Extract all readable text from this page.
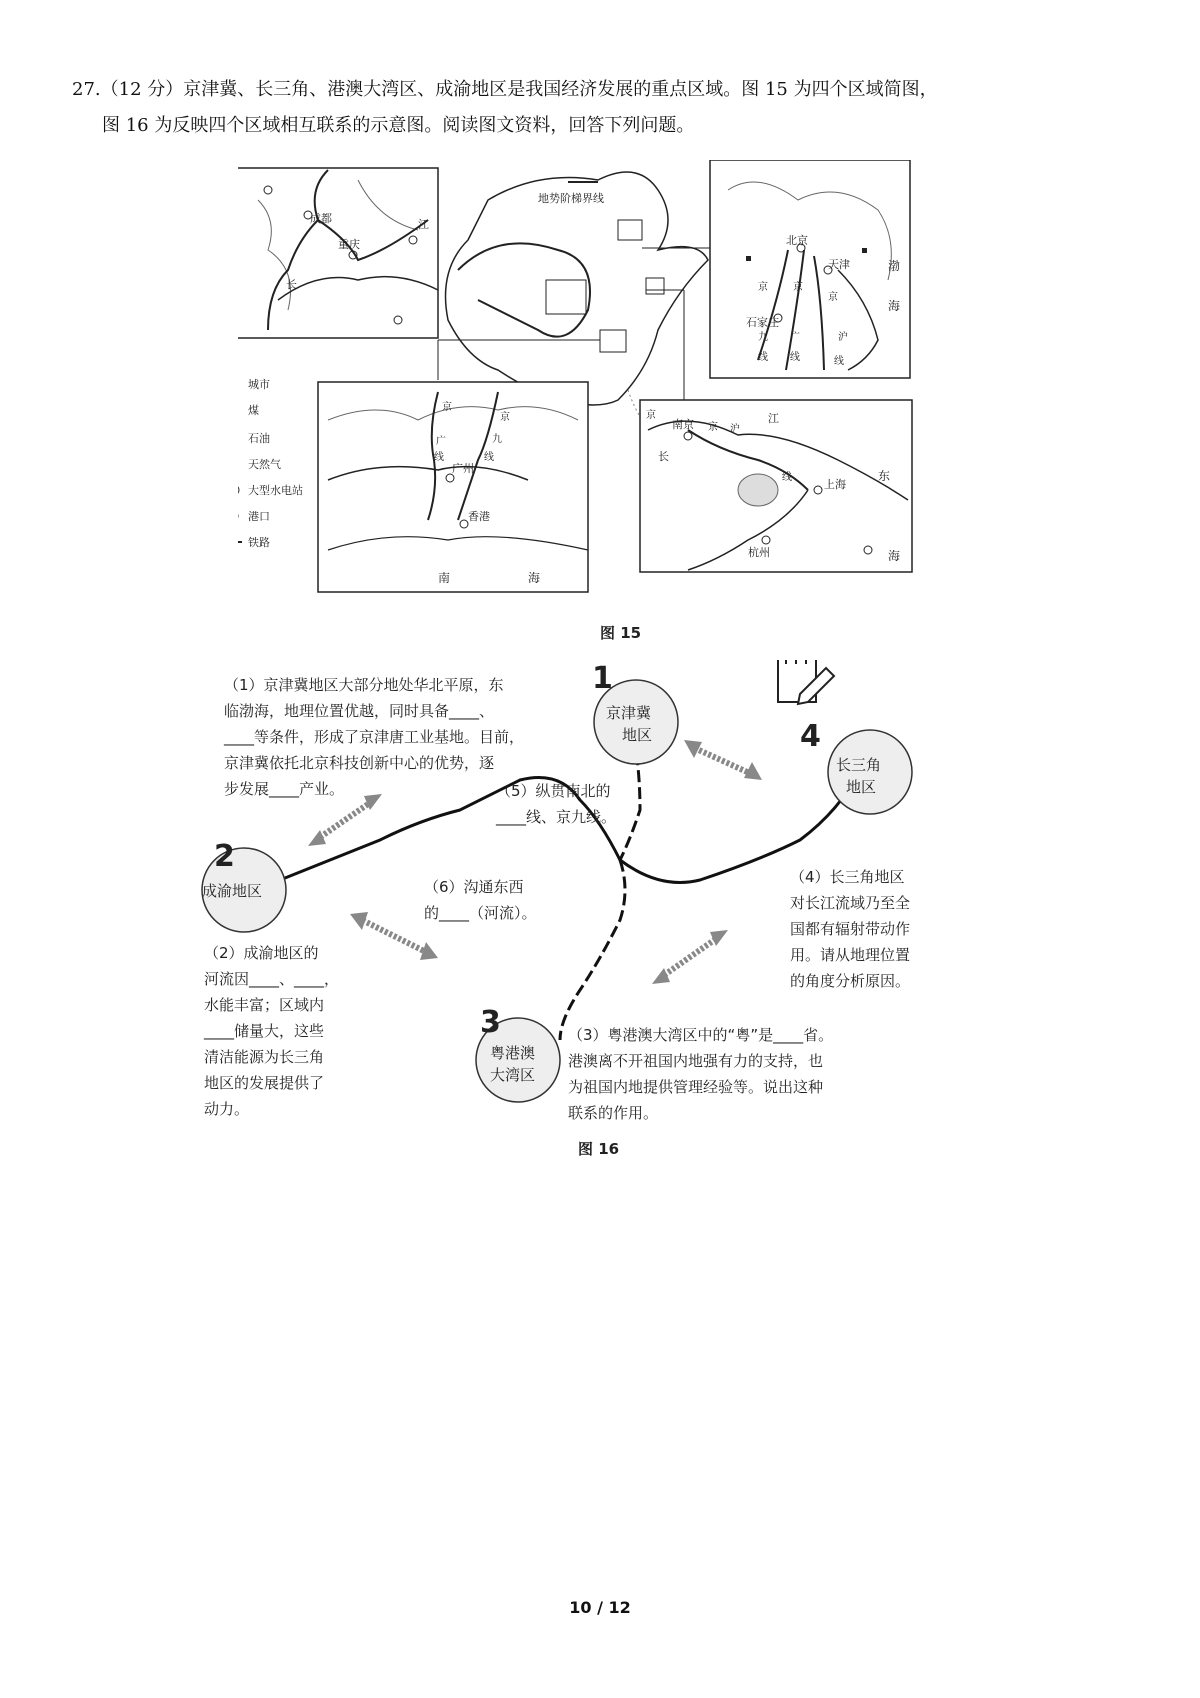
27.（12 分）京津冀、长三角、港澳大湾区、成渝地区是我国经济发展的重点区域。图 15 为四个区域简图，

图 16 为反映四个区域相互联系的示意图。阅读图文资料，回答下列问题。

成都
重庆
长
江
地势阶梯界线
北京
天津
石家庄
渤
海
京
九
线
京
广
线
京
沪
线
城市
煤
石油
天然气
大型水电站
港口
铁路
广州
香港
京
广
线
京
九
线
南	海
南京
上海
杭州
长
江
京 沪
线	东
海
京
图 15
1
京津冀
地区	4
长三角
地区
2
成渝地区
3
粤港澳
大湾区
（1）京津冀地区大部分地处华北平原，东
临渤海，地理位置优越，同时具备____、
____等条件，形成了京津唐工业基地。目前，
京津冀依托北京科技创新中心的优势，逐
步发展____产业。	（5）纵贯南北的
____线、京九线。
（6）沟通东西
的____（河流）。
（4）长三角地区
对长江流域乃至全
国都有辐射带动作
用。请从地理位置
的角度分析原因。
（2）成渝地区的
河流因____、____，
水能丰富；区域内
____储量大，这些
清洁能源为长三角
地区的发展提供了
动力。
（3）粤港澳大湾区中的“粤”是____省。
港澳离不开祖国内地强有力的支持，也
为祖国内地提供管理经验等。说出这种
联系的作用。
图 16
10 / 12
